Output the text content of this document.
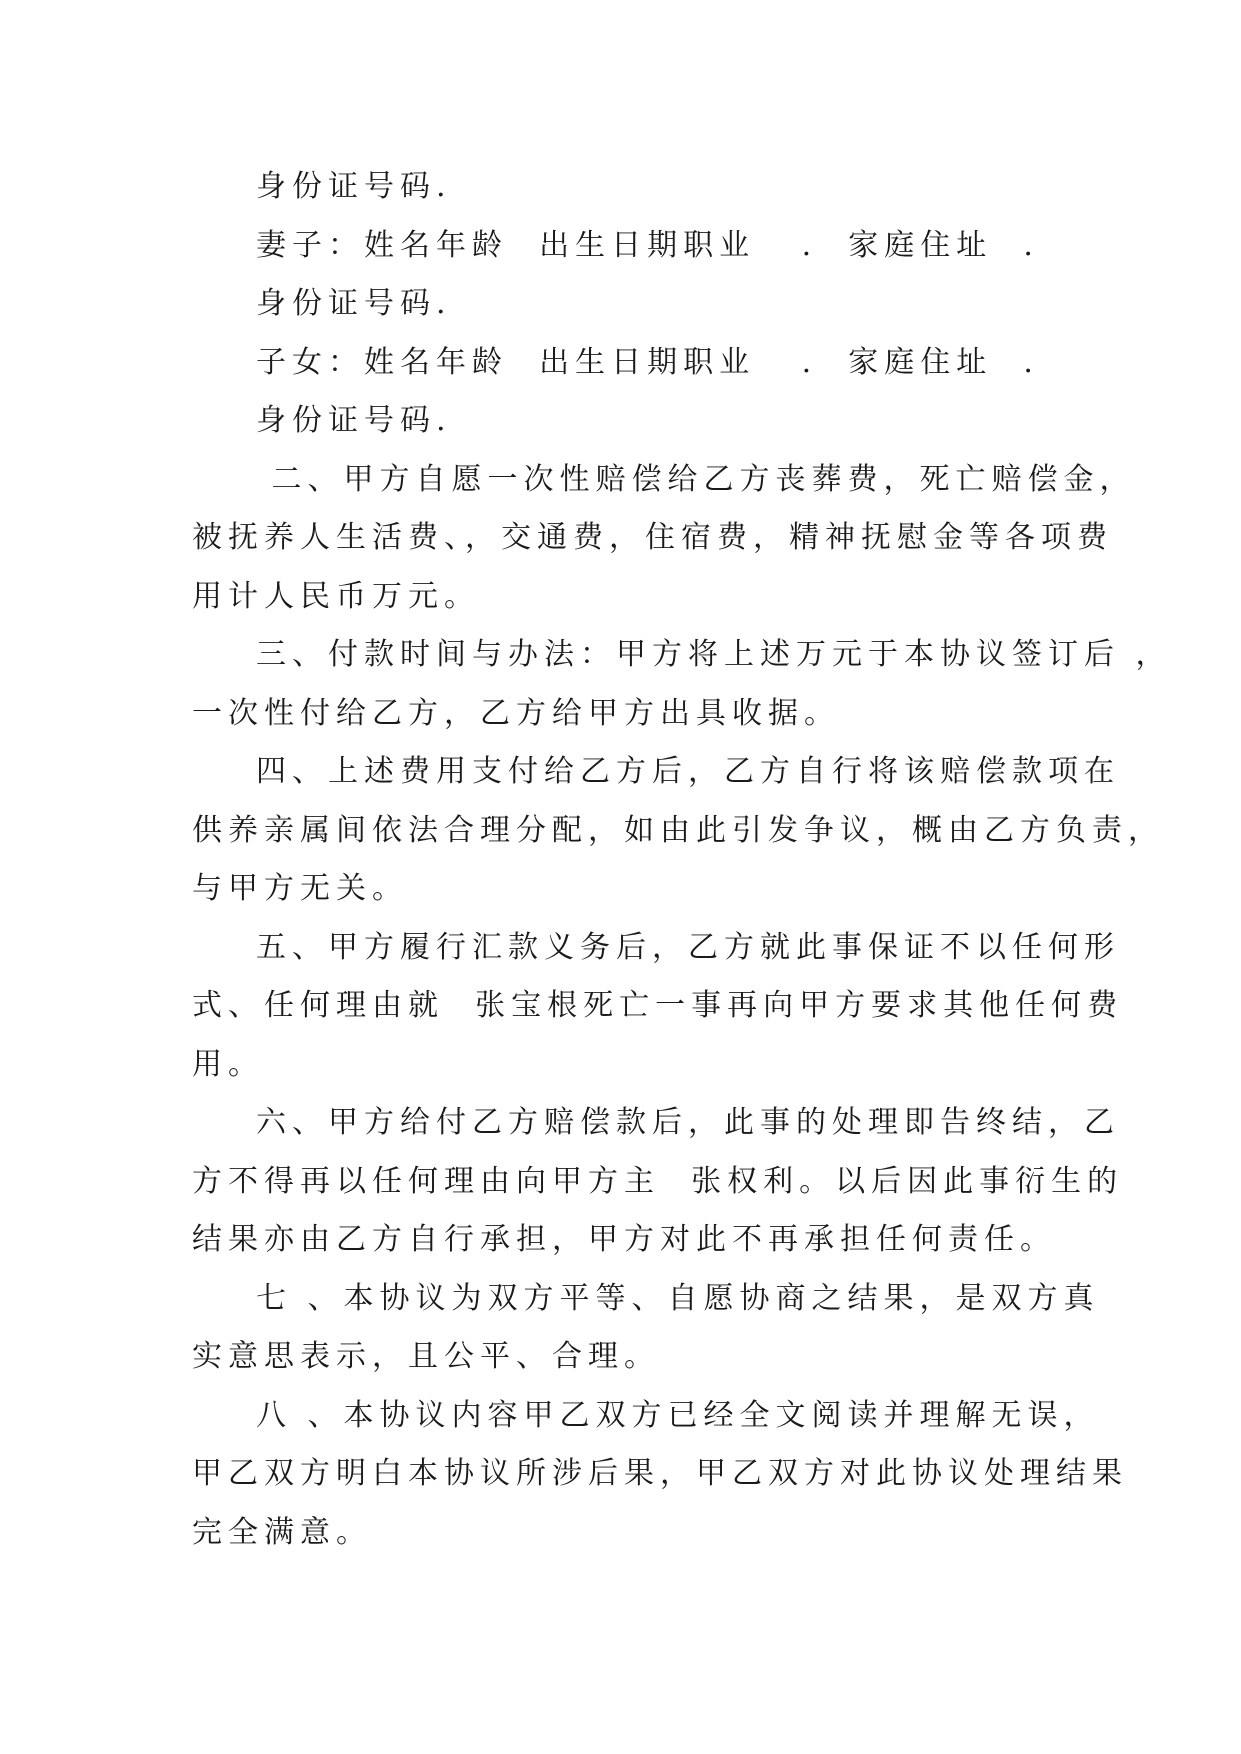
身份证号码.
妻子：姓名年龄  出生日期职业   .  家庭住址  .
身份证号码.
子女：姓名年龄  出生日期职业   .  家庭住址  .
身份证号码.
二、甲方自愿一次性赔偿给乙方丧葬费，死亡赔偿金，
被抚养人生活费、，交通费，住宿费，精神抚慰金等各项费
用计人民币万元。
三、付款时间与办法：甲方将上述万元于本协议签订后 ，
一次性付给乙方，乙方给甲方出具收据。
四、上述费用支付给乙方后，乙方自行将该赔偿款项在
供养亲属间依法合理分配，如由此引发争议，概由乙方负责，
与甲方无关。
五、甲方履行汇款义务后，乙方就此事保证不以任何形
式、任何理由就  张宝根死亡一事再向甲方要求其他任何费
用。
六、甲方给付乙方赔偿款后，此事的处理即告终结，乙
方不得再以任何理由向甲方主  张权利。以后因此事衍生的
结果亦由乙方自行承担，甲方对此不再承担任何责任。
七 、本协议为双方平等、自愿协商之结果，是双方真
实意思表示，且公平、合理。
八 、本协议内容甲乙双方已经全文阅读并理解无误，
甲乙双方明白本协议所涉后果，甲乙双方对此协议处理结果
完全满意。
